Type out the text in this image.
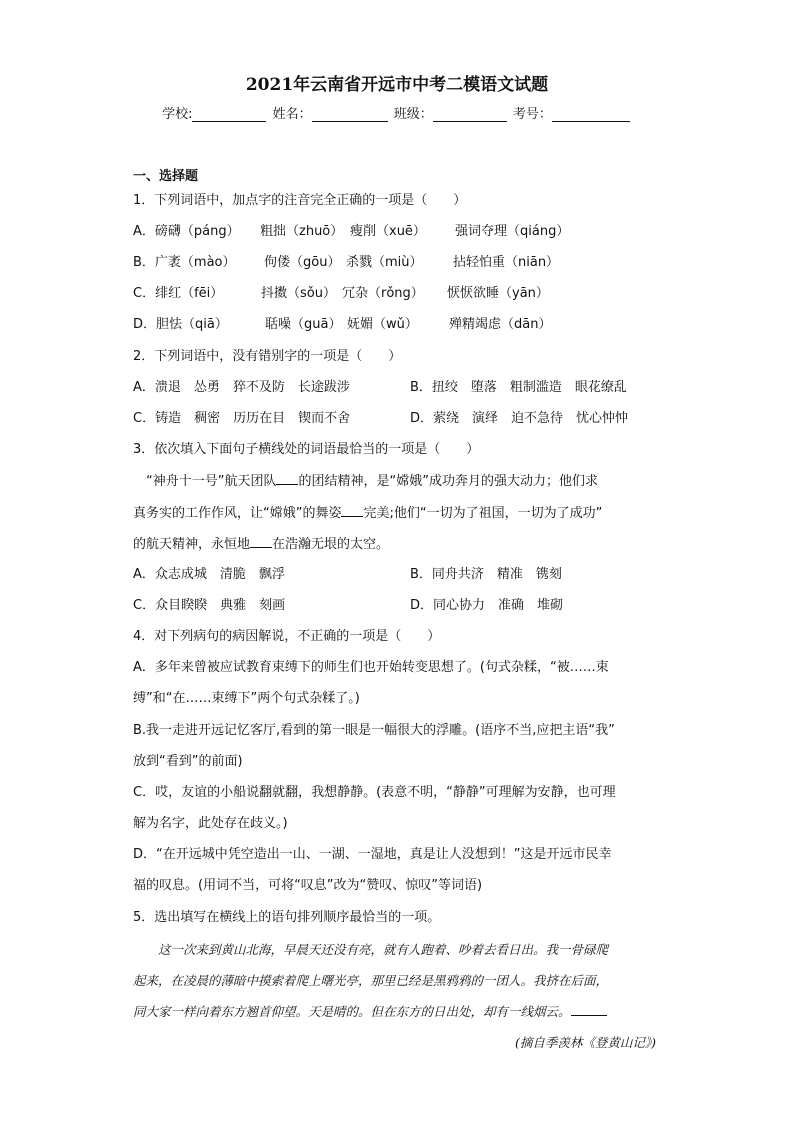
2021年云南省开远市中考二模语文试题
学校:	姓名：	班级：	考号：
一、选择题
1．下列词语中，加点字的注音完全正确的一项是（　　）
A．磅礴（páng） 粗拙（zhuō） 瘦削（xuē） 强词夺理（qiáng）
B．广袤（mào） 佝偻（gōu） 杀戮（miù） 拈轻怕重（niān）
C．绯红（fēi）	抖擞（sǒu） 冗杂（rǒng） 恹恹欲睡（yān）
D．胆怯（qiā）	聒噪（guā） 妩媚（wǔ） 殚精竭虑（dān）
2．下列词语中，没有错别字的一项是（　　）
A．溃退　怂勇　猝不及防　长途跋涉	B．扭绞　堕落　粗制滥造　眼花缭乱
C．铸造　稠密　历历在目　锲而不舍	D．萦绕　演绎　迫不急待　忧心忡忡
3．依次填入下面句子横线处的词语最恰当的一项是（　　）
“神舟十一号”航天团队 的团结精神，是“嫦娥”成功奔月的强大动力；他们求
真务实的工作作风，让“嫦娥”的舞姿 完美;他们“一切为了祖国，一切为了成功”
的航天精神，永恒地 在浩瀚无垠的太空。
A．众志成城　清脆　飘浮	B．同舟共济　精准　镌刻
C．众目睽睽　典雅　刻画	D．同心协力　准确　堆砌
4．对下列病句的病因解说，不正确的一项是（　　）
A．多年来曾被应试教育束缚下的师生们也开始转变思想了。(句式杂糅，“被……束
缚”和“在……束缚下”两个句式杂糅了。)
B.我一走进开远记忆客厅,看到的第一眼是一幅很大的浮雕。(语序不当,应把主语“我”
放到“看到”的前面)
C．哎，友谊的小船说翻就翻，我想静静。(表意不明，“静静”可理解为安静，也可理
解为名字，此处存在歧义。)
D．“在开远城中凭空造出一山、一湖、一湿地，真是让人没想到！”这是开远市民幸
福的叹息。(用词不当，可将“叹息”改为“赞叹、惊叹”等词语)
5．选出填写在横线上的语句排列顺序最恰当的一项。
　　这一次来到黄山北海，早晨天还没有亮，就有人跑着、吵着去看日出。我一骨碌爬
起来，在凌晨的薄暗中摸索着爬上曙光亭，那里已经是黑鸦鸦的一团人。我挤在后面，
同大家一样向着东方翘首仰望。天是晴的。但在东方的日出处，却有一线烟云。
(摘自季羡林《登黄山记》)
